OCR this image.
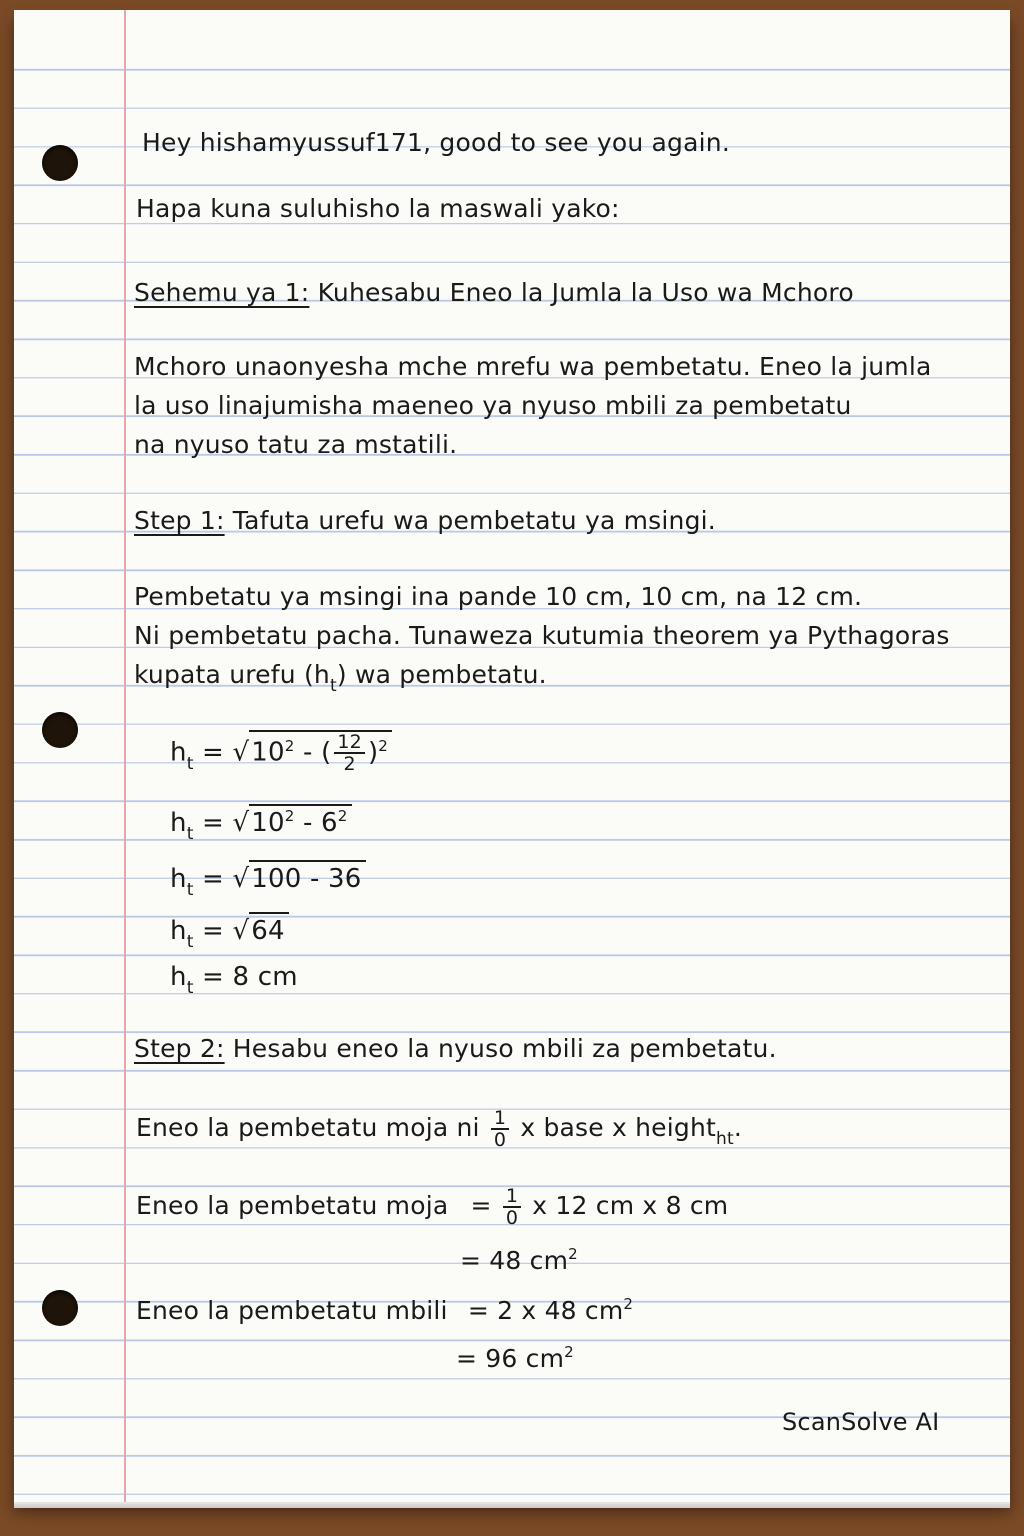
Hey hishamyussuf171, good to see you again.
Hapa kuna suluhisho la maswali yako:
Sehemu ya 1: Kuhesabu Eneo la Jumla la Uso wa Mchoro
Mchoro unaonyesha mche mrefu wa pembetatu. Eneo la jumla
la uso linajumisha maeneo ya nyuso mbili za pembetatu
na nyuso tatu za mstatili.
Step 1: Tafuta urefu wa pembetatu ya msingi.
Pembetatu ya msingi ina pande 10 cm, 10 cm, na 12 cm.
Ni pembetatu pacha. Tunaweza kutumia theorem ya Pythagoras
kupata urefu $(h_t)$ wa pembetatu.
$h_t = √10^2$ - ( $\frac{12}{2} )^2$
$h_t = √10^2 - 6^2$
$h_t = √100 - 36$
$h_t = √64$
$h_t = 8$ cm
Step 2: Hesabu eneo la nyuso mbili za pembetatu.
Eneo la pembetatu moja ni $\frac{1}{0}$ x base x height$_{ht}$.
Eneo la pembetatu moja = $\frac{1}{0}$ x 12 cm x 8 cm
= 48 $cm^2$
Eneo la pembetatu mbili = 2 x 48 $cm^2$
= 96 $cm^2$
ScanSolve AI
